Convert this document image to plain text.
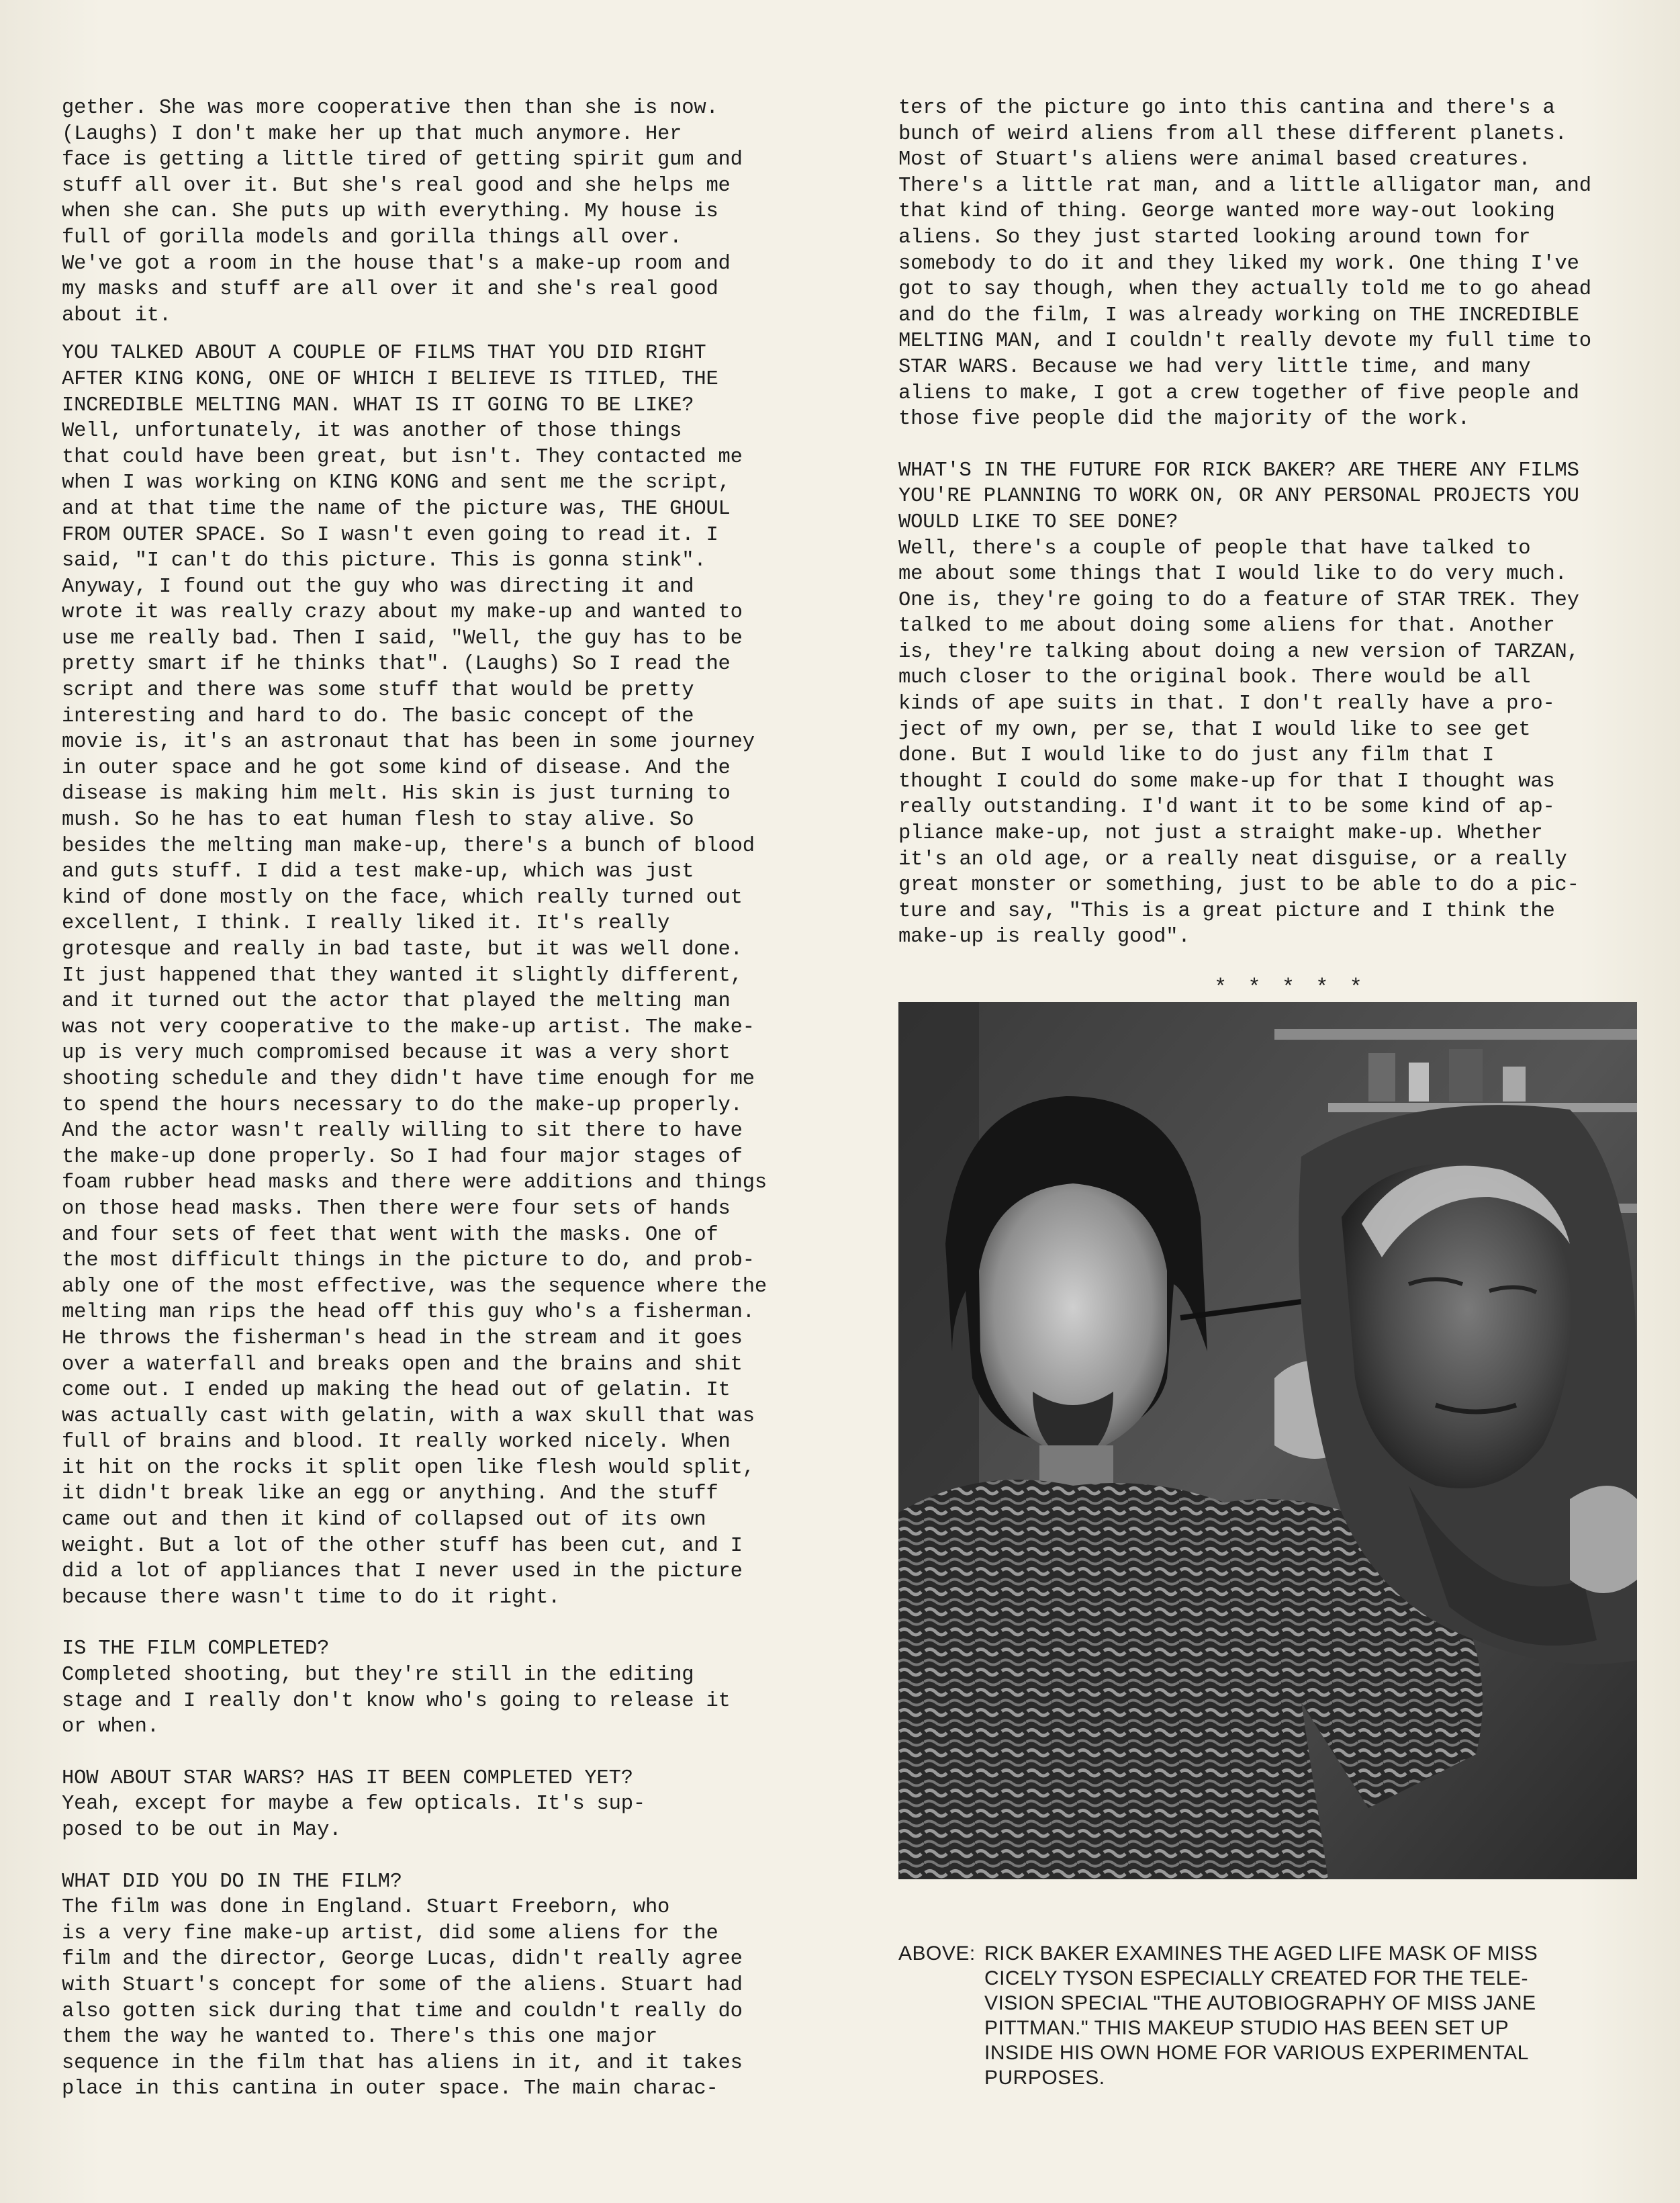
gether. She was more cooperative then than she is now.
(Laughs) I don't make her up that much anymore. Her
face is getting a little tired of getting spirit gum and
stuff all over it. But she's real good and she helps me
when she can. She puts up with everything. My house is
full of gorilla models and gorilla things all over.
We've got a room in the house that's a make-up room and
my masks and stuff are all over it and she's real good
about it.

YOU TALKED ABOUT A COUPLE OF FILMS THAT YOU DID RIGHT
AFTER KING KONG, ONE OF WHICH I BELIEVE IS TITLED, THE
INCREDIBLE MELTING MAN. WHAT IS IT GOING TO BE LIKE?

Well, unfortunately, it was another of those things
that could have been great, but isn't. They contacted me
when I was working on KING KONG and sent me the script,
and at that time the name of the picture was, THE GHOUL
FROM OUTER SPACE. So I wasn't even going to read it. I
said, "I can't do this picture. This is gonna stink".
Anyway, I found out the guy who was directing it and
wrote it was really crazy about my make-up and wanted to
use me really bad. Then I said, "Well, the guy has to be
pretty smart if he thinks that". (Laughs) So I read the
script and there was some stuff that would be pretty
interesting and hard to do. The basic concept of the
movie is, it's an astronaut that has been in some journey
in outer space and he got some kind of disease. And the
disease is making him melt. His skin is just turning to
mush. So he has to eat human flesh to stay alive. So
besides the melting man make-up, there's a bunch of blood
and guts stuff. I did a test make-up, which was just
kind of done mostly on the face, which really turned out
excellent, I think. I really liked it. It's really
grotesque and really in bad taste, but it was well done.
It just happened that they wanted it slightly different,
and it turned out the actor that played the melting man
was not very cooperative to the make-up artist. The make-
up is very much compromised because it was a very short
shooting schedule and they didn't have time enough for me
to spend the hours necessary to do the make-up properly.
And the actor wasn't really willing to sit there to have
the make-up done properly. So I had four major stages of
foam rubber head masks and there were additions and things
on those head masks. Then there were four sets of hands
and four sets of feet that went with the masks. One of
the most difficult things in the picture to do, and prob-
ably one of the most effective, was the sequence where the
melting man rips the head off this guy who's a fisherman.
He throws the fisherman's head in the stream and it goes
over a waterfall and breaks open and the brains and shit
come out. I ended up making the head out of gelatin. It
was actually cast with gelatin, with a wax skull that was
full of brains and blood. It really worked nicely. When
it hit on the rocks it split open like flesh would split,
it didn't break like an egg or anything. And the stuff
came out and then it kind of collapsed out of its own
weight. But a lot of the other stuff has been cut, and I
did a lot of appliances that I never used in the picture
because there wasn't time to do it right.

IS THE FILM COMPLETED?

Completed shooting, but they're still in the editing
stage and I really don't know who's going to release it
or when.

HOW ABOUT STAR WARS? HAS IT BEEN COMPLETED YET?

Yeah, except for maybe a few opticals. It's sup-
posed to be out in May.

WHAT DID YOU DO IN THE FILM?

The film was done in England. Stuart Freeborn, who
is a very fine make-up artist, did some aliens for the
film and the director, George Lucas, didn't really agree
with Stuart's concept for some of the aliens. Stuart had
also gotten sick during that time and couldn't really do
them the way he wanted to. There's this one major
sequence in the film that has aliens in it, and it takes
place in this cantina in outer space. The main charac-

ters of the picture go into this cantina and there's a
bunch of weird aliens from all these different planets.
Most of Stuart's aliens were animal based creatures.
There's a little rat man, and a little alligator man, and
that kind of thing. George wanted more way-out looking
aliens. So they just started looking around town for
somebody to do it and they liked my work. One thing I've
got to say though, when they actually told me to go ahead
and do the film, I was already working on THE INCREDIBLE
MELTING MAN, and I couldn't really devote my full time to
STAR WARS. Because we had very little time, and many
aliens to make, I got a crew together of five people and
those five people did the majority of the work.

WHAT'S IN THE FUTURE FOR RICK BAKER? ARE THERE ANY FILMS
YOU'RE PLANNING TO WORK ON, OR ANY PERSONAL PROJECTS YOU
WOULD LIKE TO SEE DONE?

Well, there's a couple of people that have talked to
me about some things that I would like to do very much.
One is, they're going to do a feature of STAR TREK. They
talked to me about doing some aliens for that. Another
is, they're talking about doing a new version of TARZAN,
much closer to the original book. There would be all
kinds of ape suits in that. I don't really have a pro-
ject of my own, per se, that I would like to see get
done. But I would like to do just any film that I
thought I could do some make-up for that I thought was
really outstanding. I'd want it to be some kind of ap-
pliance make-up, not just a straight make-up. Whether
it's an old age, or a really neat disguise, or a really
great monster or something, just to be able to do a pic-
ture and say, "This is a great picture and I think the
make-up is really good".

* * * * *
ABOVE: RICK BAKER EXAMINES THE AGED LIFE MASK OF MISS
CICELY TYSON ESPECIALLY CREATED FOR THE TELE-
VISION SPECIAL "THE AUTOBIOGRAPHY OF MISS JANE
PITTMAN." THIS MAKEUP STUDIO HAS BEEN SET UP
INSIDE HIS OWN HOME FOR VARIOUS EXPERIMENTAL
PURPOSES.
